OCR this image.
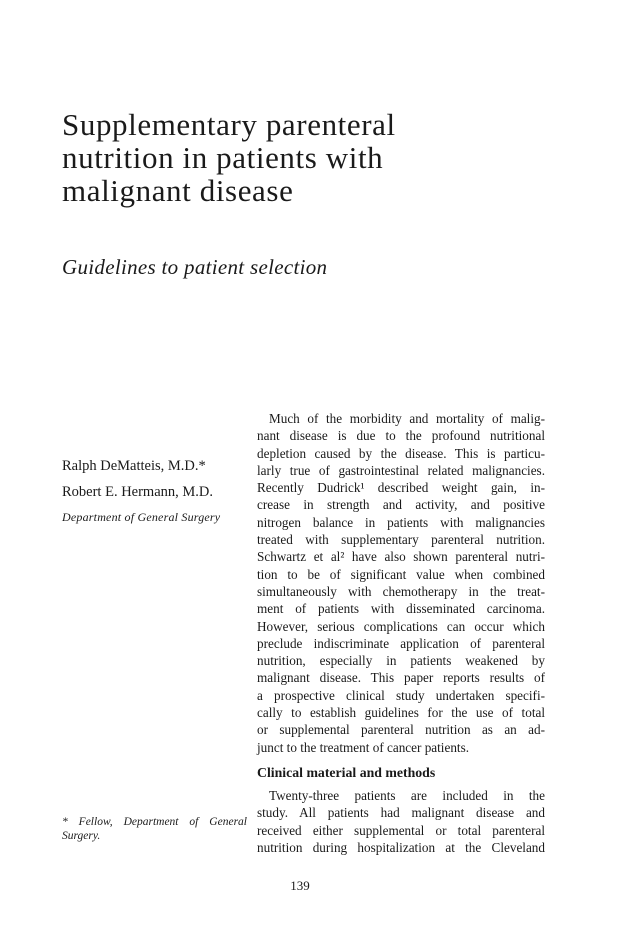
Supplementary parenteral
nutrition in patients with
malignant disease
Guidelines to patient selection

Ralph DeMatteis, M.D.*

Robert E. Hermann, M.D.

Department of General Surgery

* Fellow, Department of General Surgery.

Much of the morbidity and mortality of malig-
nant disease is due to the profound nutritional
depletion caused by the disease. This is particu-
larly true of gastrointestinal related malignancies.
Recently Dudrick¹ described weight gain, in-
crease in strength and activity, and positive
nitrogen balance in patients with malignancies
treated with supplementary parenteral nutrition.
Schwartz et al² have also shown parenteral nutri-
tion to be of significant value when combined
simultaneously with chemotherapy in the treat-
ment of patients with disseminated carcinoma.
However, serious complications can occur which
preclude indiscriminate application of parenteral
nutrition, especially in patients weakened by
malignant disease. This paper reports results of
a prospective clinical study undertaken specifi-
cally to establish guidelines for the use of total
or supplemental parenteral nutrition as an ad-
junct to the treatment of cancer patients.

Clinical material and methods

Twenty-three patients are included in the
study. All patients had malignant disease and
received either supplemental or total parenteral
nutrition during hospitalization at the Cleveland

139
